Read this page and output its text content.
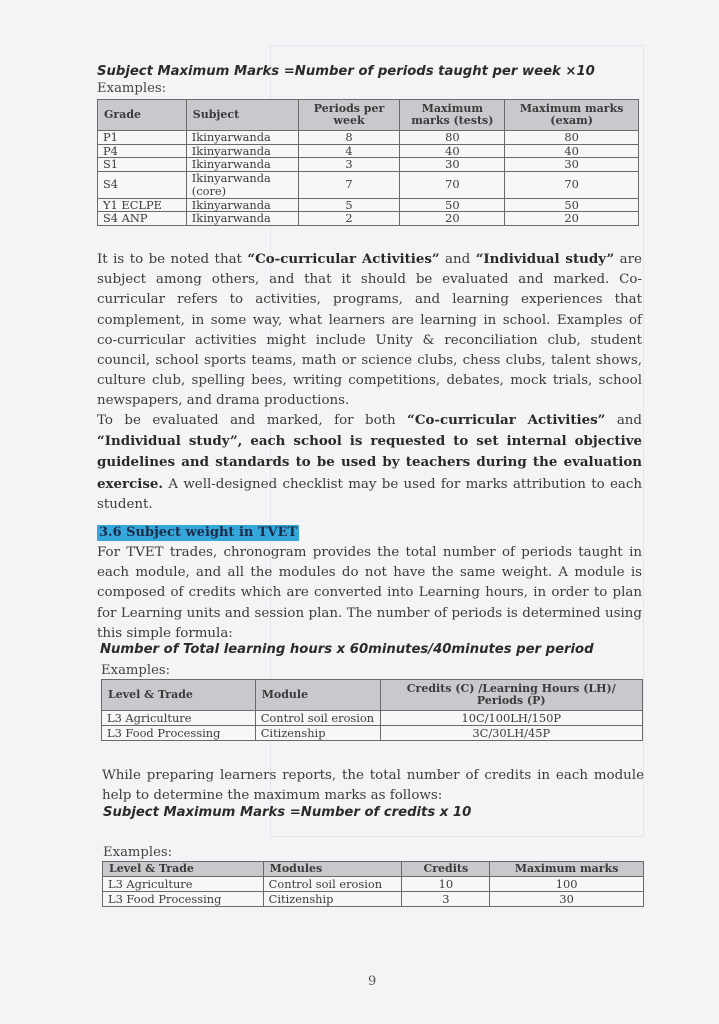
Subject Maximum Marks =Number of periods taught per week ×10
Examples:
Grade	Subject	Periods per week	Maximum marks (tests)	Maximum marks (exam)
P1	Ikinyarwanda	8	80	80
P4	Ikinyarwanda	4	40	40
S1	Ikinyarwanda	3	30	30
S4	Ikinyarwanda (core)	7	70	70
Y1 ECLPE	Ikinyarwanda	5	50	50
S4 ANP	Ikinyarwanda	2	20	20

It is to be noted that “Co-curricular Activities” and “Individual study” are subject among others, and that it should be evaluated and marked. Co-curricular refers to activities, programs, and learning experiences that complement, in some way, what learners are learning in school. Examples of co-curricular activities might include Unity & reconciliation club, student council, school sports teams, math or science clubs, chess clubs, talent shows, culture club, spelling bees, writing competitions, debates, mock trials, school newspapers, and drama productions.

To be evaluated and marked, for both “Co-curricular Activities” and “Individual study”, each school is requested to set internal objective guidelines and standards to be used by teachers during the evaluation exercise. A well-designed checklist may be used for marks attribution to each student.

3.6 Subject weight in TVET

For TVET trades, chronogram provides the total number of periods taught in each module, and all the modules do not have the same weight. A module is composed of credits which are converted into Learning hours, in order to plan for Learning units and session plan. The number of periods is determined using this simple formula:

Number of Total learning hours x 60minutes/40minutes per period
Examples:
Level & Trade	Module	Credits (C) /Learning Hours (LH)/ Periods (P)
L3 Agriculture	Control soil erosion	10C/100LH/150P
L3 Food Processing	Citizenship	3C/30LH/45P

While preparing learners reports, the total number of credits in each module help to determine the maximum marks as follows:

Subject Maximum Marks =Number of credits x 10
Examples:
Level & Trade	Modules	Credits	Maximum marks
L3 Agriculture	Control soil erosion	10	100
L3 Food Processing	Citizenship	3	30
9
